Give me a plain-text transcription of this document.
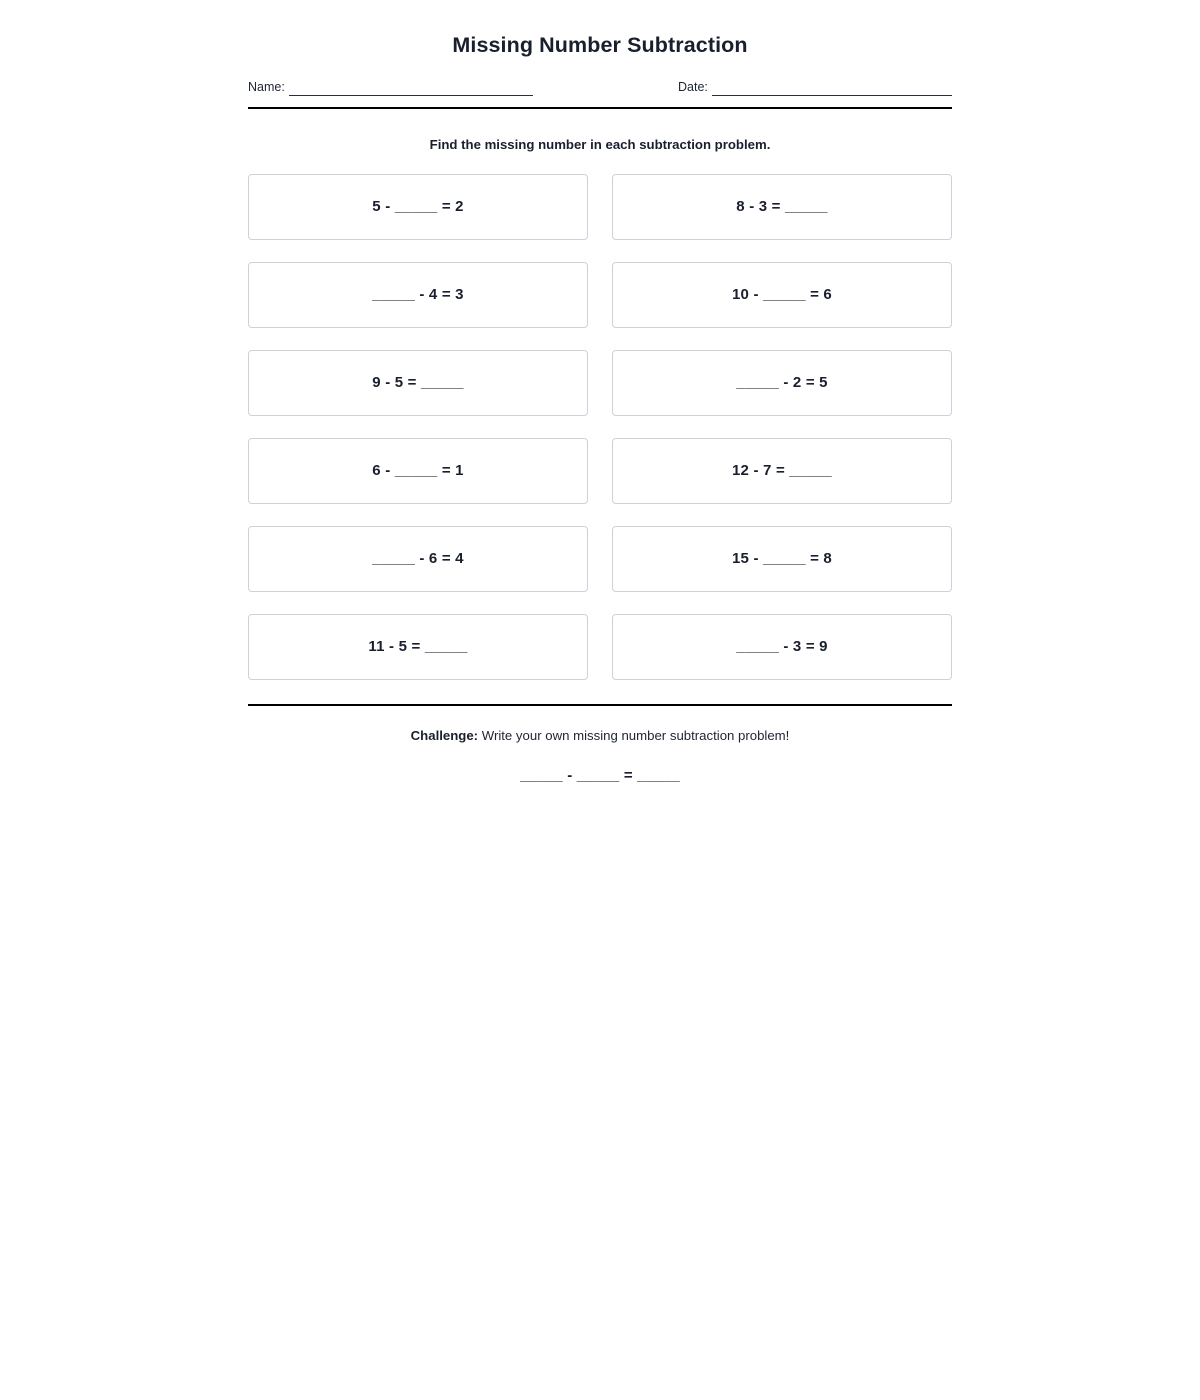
Missing Number Subtraction
Name:	Date:
Find the missing number in each subtraction problem.
5 - _____ = 2	8 - 3 = _____
_____ - 4 = 3	10 - _____ = 6
9 - 5 = _____	_____ - 2 = 5
6 - _____ = 1	12 - 7 = _____
_____ - 6 = 4	15 - _____ = 8
11 - 5 = _____	_____ - 3 = 9

Challenge: Write your own missing number subtraction problem!

_____ - _____ = _____
